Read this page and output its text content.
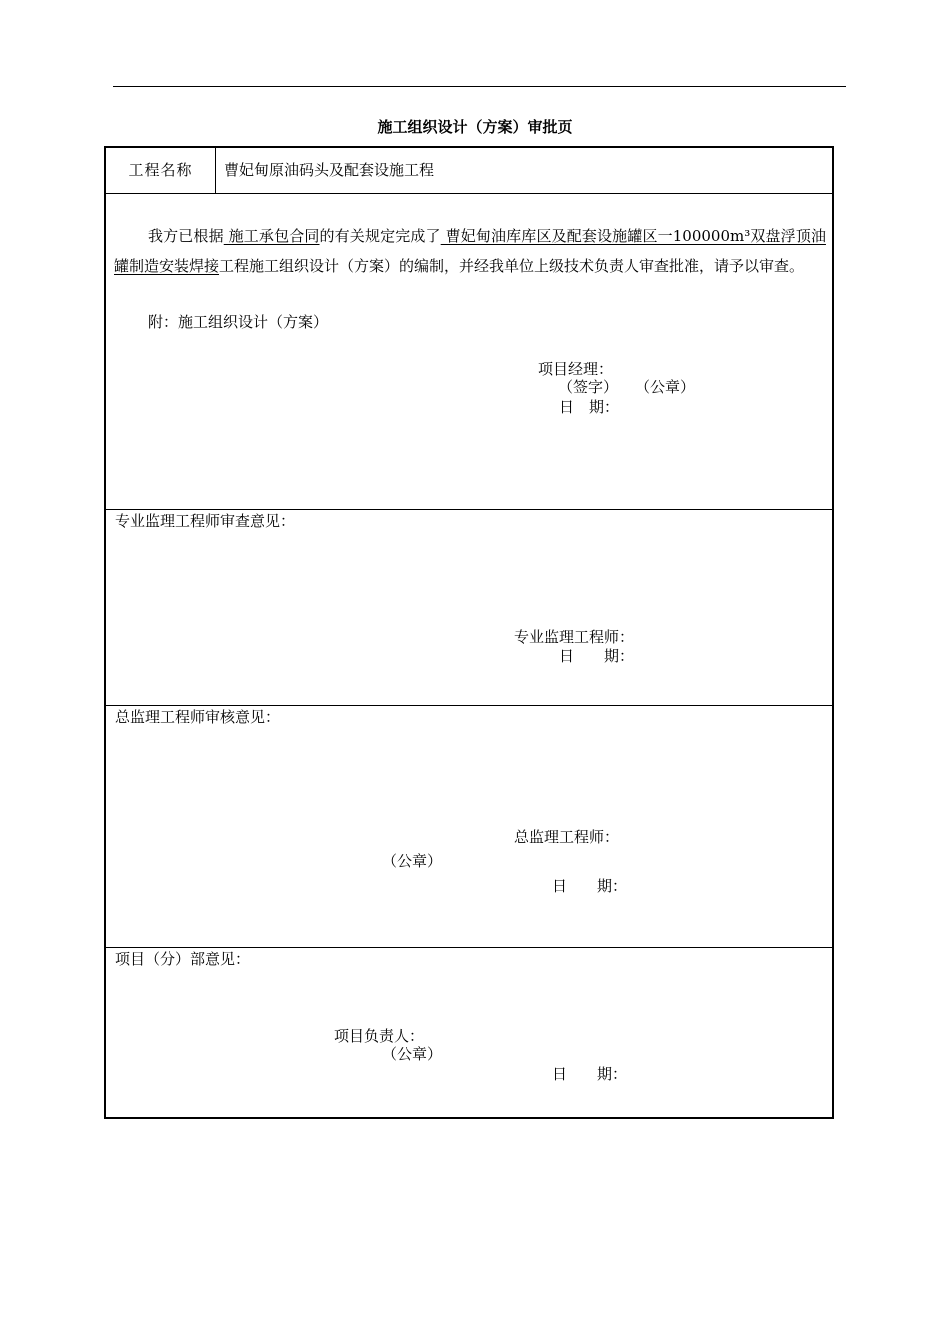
施工组织设计（方案）审批页
工程名称	曹妃甸原油码头及配套设施工程
我方已根据 施工承包合同的有关规定完成了 曹妃甸油库库区及配套设施罐区一100000m³双盘浮顶油罐制造安装焊接工程施工组织设计（方案）的编制，并经我单位上级技术负责人审查批准，请予以审查。
附：施工组织设计（方案）
项目经理：
（签字） （公章）
日　期：
专业监理工程师审查意见：
专业监理工程师：
日　　期：
总监理工程师审核意见：
总监理工程师：
（公章）
日　　期：
项目（分）部意见：
项目负责人：
（公章）
日　　期：
